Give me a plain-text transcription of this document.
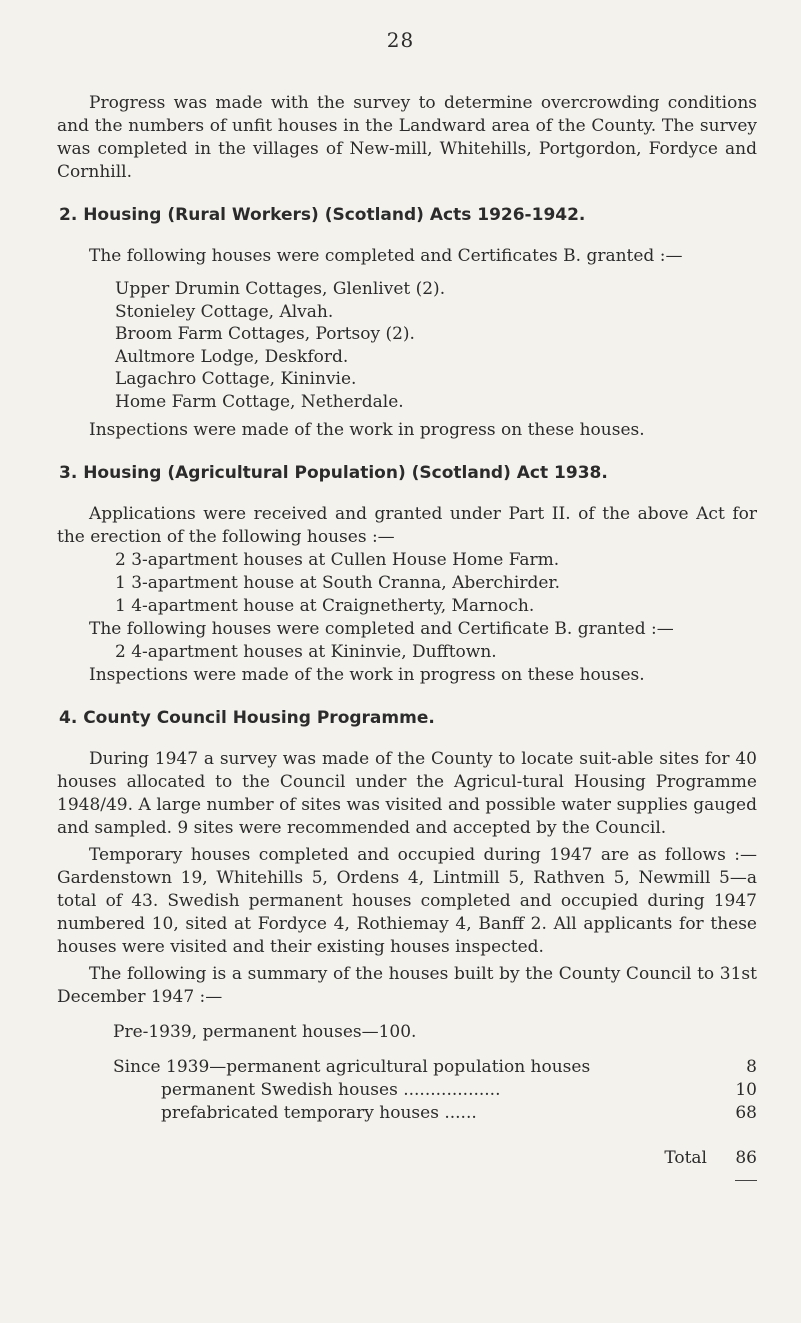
28

Progress was made with the survey to determine overcrowding conditions and the numbers of unfit houses in the Landward area of the County. The survey was completed in the villages of New-mill, Whitehills, Portgordon, Fordyce and Cornhill.

2. Housing (Rural Workers) (Scotland) Acts 1926-1942.

The following houses were completed and Certificates B. granted :—

Upper Drumin Cottages, Glenlivet (2).

Stonieley Cottage, Alvah.

Broom Farm Cottages, Portsoy (2).

Aultmore Lodge, Deskford.

Lagachro Cottage, Kininvie.

Home Farm Cottage, Netherdale.

Inspections were made of the work in progress on these houses.

3. Housing (Agricultural Population) (Scotland) Act 1938.

Applications were received and granted under Part II. of the above Act for the erection of the following houses :—

2 3-apartment houses at Cullen House Home Farm.

1 3-apartment house at South Cranna, Aberchirder.

1 4-apartment house at Craignetherty, Marnoch.

The following houses were completed and Certificate B. granted :—

2 4-apartment houses at Kininvie, Dufftown.

Inspections were made of the work in progress on these houses.

4. County Council Housing Programme.

During 1947 a survey was made of the County to locate suit-able sites for 40 houses allocated to the Council under the Agricul-tural Housing Programme 1948/49. A large number of sites was visited and possible water supplies gauged and sampled. 9 sites were recommended and accepted by the Council.

Temporary houses completed and occupied during 1947 are as follows :—Gardenstown 19, Whitehills 5, Ordens 4, Lintmill 5, Rathven 5, Newmill 5—a total of 43. Swedish permanent houses completed and occupied during 1947 numbered 10, sited at Fordyce 4, Rothiemay 4, Banff 2. All applicants for these houses were visited and their existing houses inspected.

The following is a summary of the houses built by the County Council to 31st December 1947 :—

Pre-1939, permanent houses—100.

Since 1939—permanent agricultural population houses	8

permanent Swedish houses ..................	10

prefabricated temporary houses ......	68

Total	86
